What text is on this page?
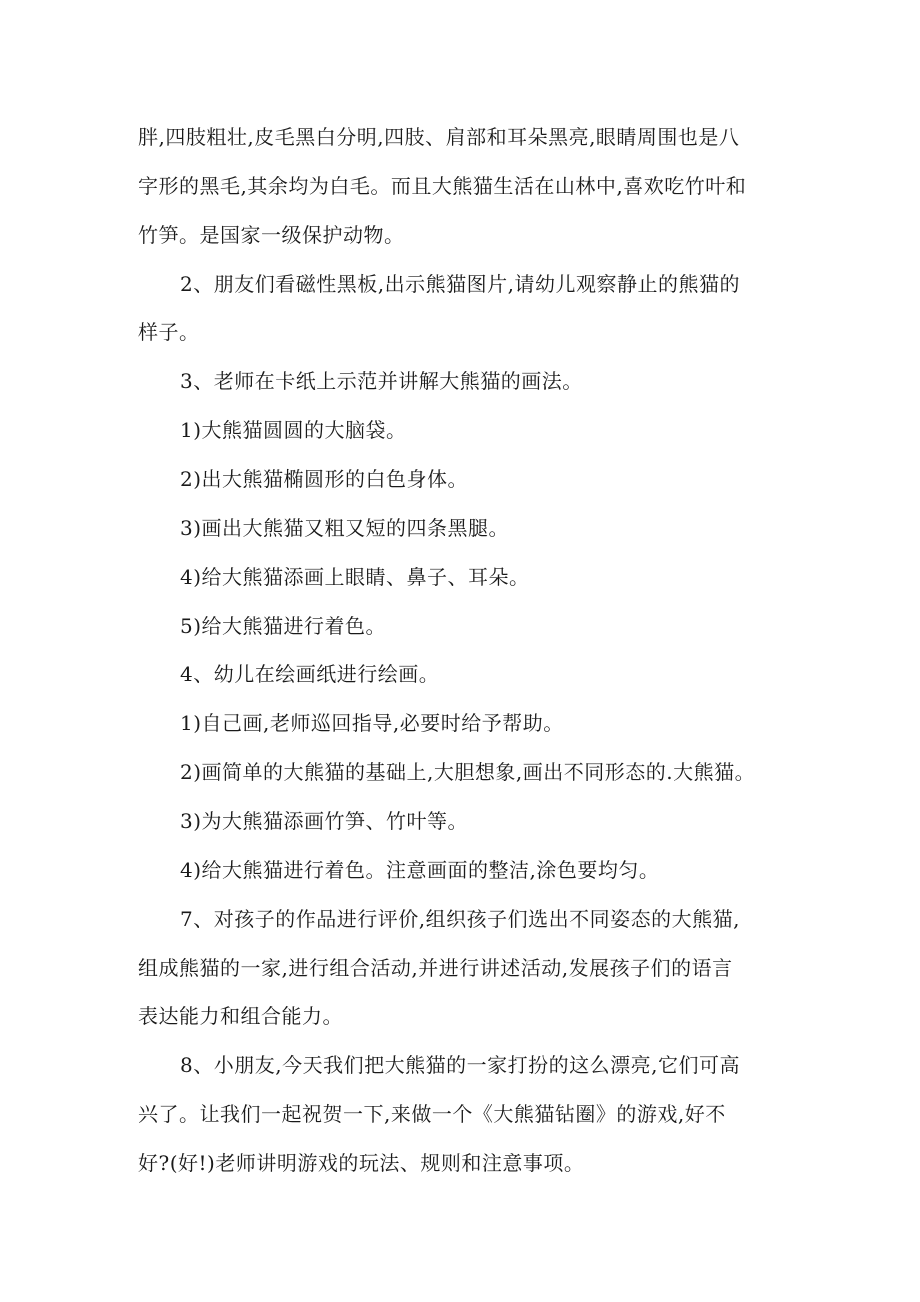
胖,四肢粗壮,皮毛黑白分明,四肢、肩部和耳朵黑亮,眼睛周围也是八
字形的黑毛,其余均为白毛。而且大熊猫生活在山林中,喜欢吃竹叶和
竹笋。是国家一级保护动物。
2、朋友们看磁性黑板,出示熊猫图片,请幼儿观察静止的熊猫的
样子。
3、老师在卡纸上示范并讲解大熊猫的画法。
1)大熊猫圆圆的大脑袋。
2)出大熊猫椭圆形的白色身体。
3)画出大熊猫又粗又短的四条黑腿。
4)给大熊猫添画上眼睛、鼻子、耳朵。
5)给大熊猫进行着色。
4、幼儿在绘画纸进行绘画。
1)自己画,老师巡回指导,必要时给予帮助。
2)画简单的大熊猫的基础上,大胆想象,画出不同形态的.大熊猫。
3)为大熊猫添画竹笋、竹叶等。
4)给大熊猫进行着色。注意画面的整洁,涂色要均匀。
7、对孩子的作品进行评价,组织孩子们选出不同姿态的大熊猫,
组成熊猫的一家,进行组合活动,并进行讲述活动,发展孩子们的语言
表达能力和组合能力。
8、小朋友,今天我们把大熊猫的一家打扮的这么漂亮,它们可高
兴了。让我们一起祝贺一下,来做一个《大熊猫钻圈》的游戏,好不
好?(好!)老师讲明游戏的玩法、规则和注意事项。
